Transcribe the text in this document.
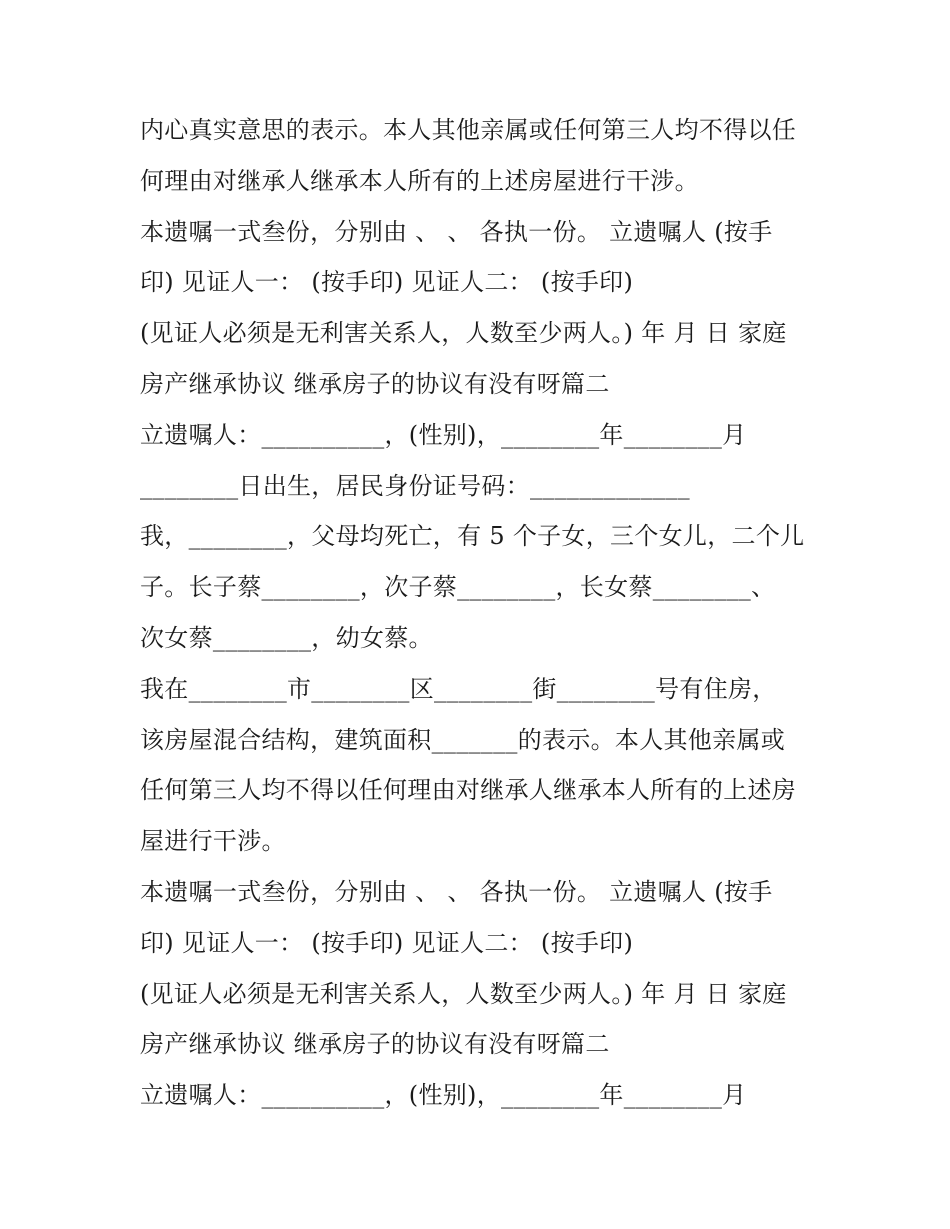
内心真实意思的表示。本人其他亲属或任何第三人均不得以任
何理由对继承人继承本人所有的上述房屋进行干涉。
本遗嘱一式叁份，分别由 、 、 各执一份。 立遗嘱人 (按手
印) 见证人一： (按手印) 见证人二： (按手印)
(见证人必须是无利害关系人，人数至少两人。) 年 月 日 家庭
房产继承协议 继承房子的协议有没有呀篇二
立遗嘱人：__________，(性别)，________年________月
________日出生，居民身份证号码：_____________
我，________，父母均死亡，有 5 个子女，三个女儿，二个儿
子。长子蔡________，次子蔡________，长女蔡________、
次女蔡________，幼女蔡。
我在________市________区________街________号有住房，
该房屋混合结构，建筑面积_______的表示。本人其他亲属或
任何第三人均不得以任何理由对继承人继承本人所有的上述房
屋进行干涉。
本遗嘱一式叁份，分别由 、 、 各执一份。 立遗嘱人 (按手
印) 见证人一： (按手印) 见证人二： (按手印)
(见证人必须是无利害关系人，人数至少两人。) 年 月 日 家庭
房产继承协议 继承房子的协议有没有呀篇二
立遗嘱人：__________，(性别)，________年________月
